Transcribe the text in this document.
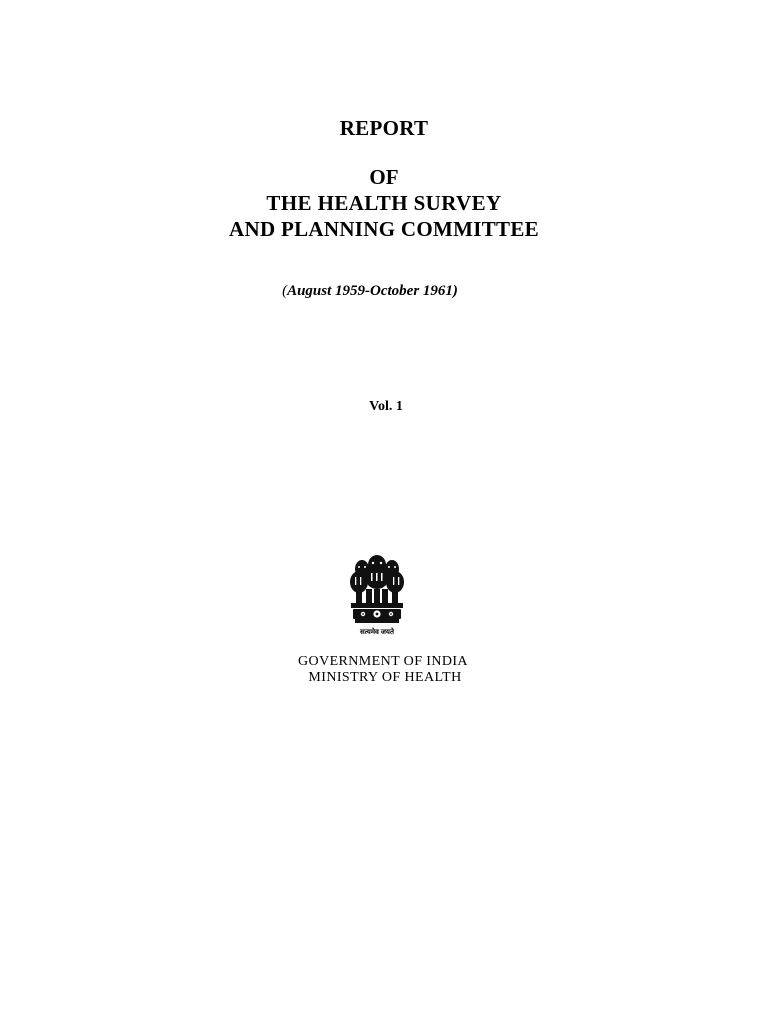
REPORT
OF
THE HEALTH SURVEY
AND PLANNING COMMITTEE
(August 1959-October 1961)
Vol. 1
सत्यमेव जयते
GOVERNMENT OF INDIA
MINISTRY OF HEALTH
